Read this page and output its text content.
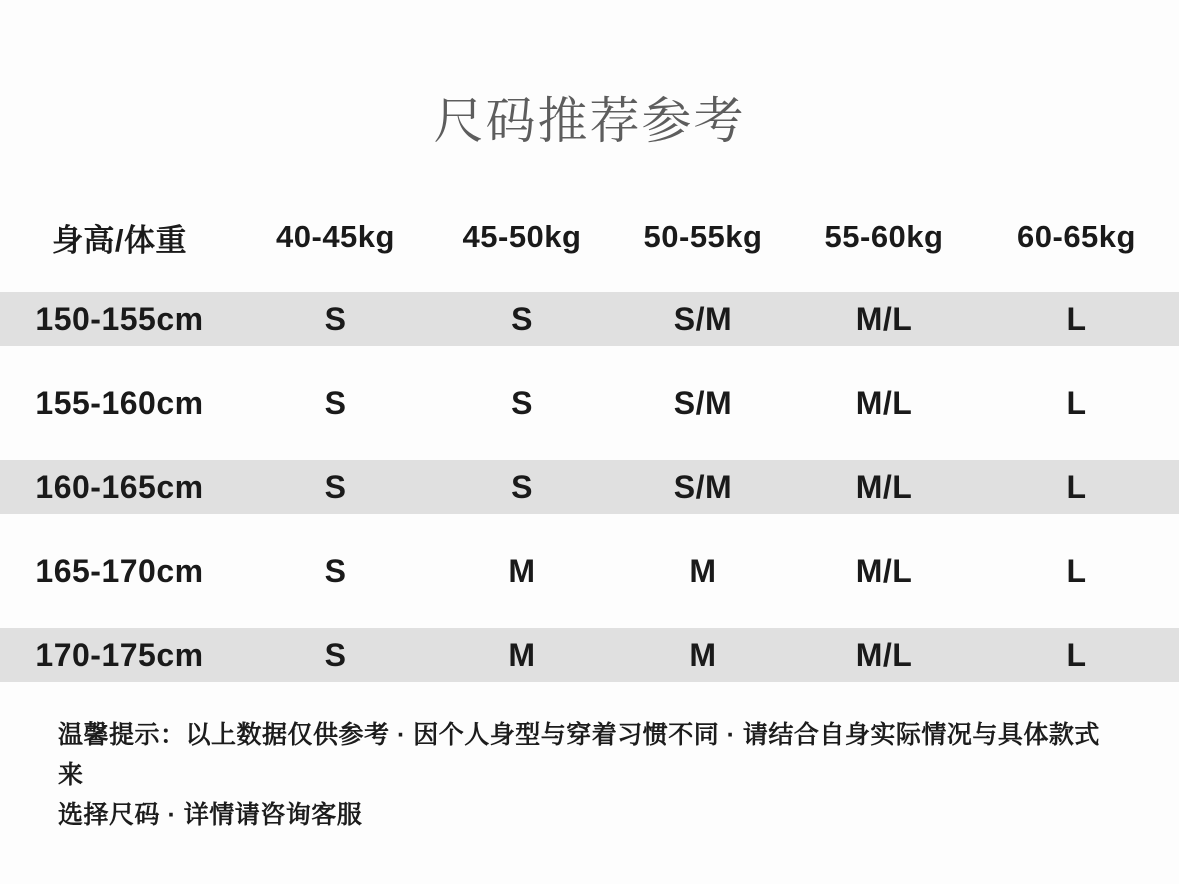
尺码推荐参考
身高/体重	40-45kg	45-50kg	50-55kg	55-60kg	60-65kg
150-155cm	S	S	S/M	M/L	L
155-160cm	S	S	S/M	M/L	L
160-165cm	S	S	S/M	M/L	L
165-170cm	S	M	M	M/L	L
170-175cm	S	M	M	M/L	L
温馨提示：以上数据仅供参考 · 因个人身型与穿着习惯不同 · 请结合自身实际情况与具体款式来
选择尺码 · 详情请咨询客服
